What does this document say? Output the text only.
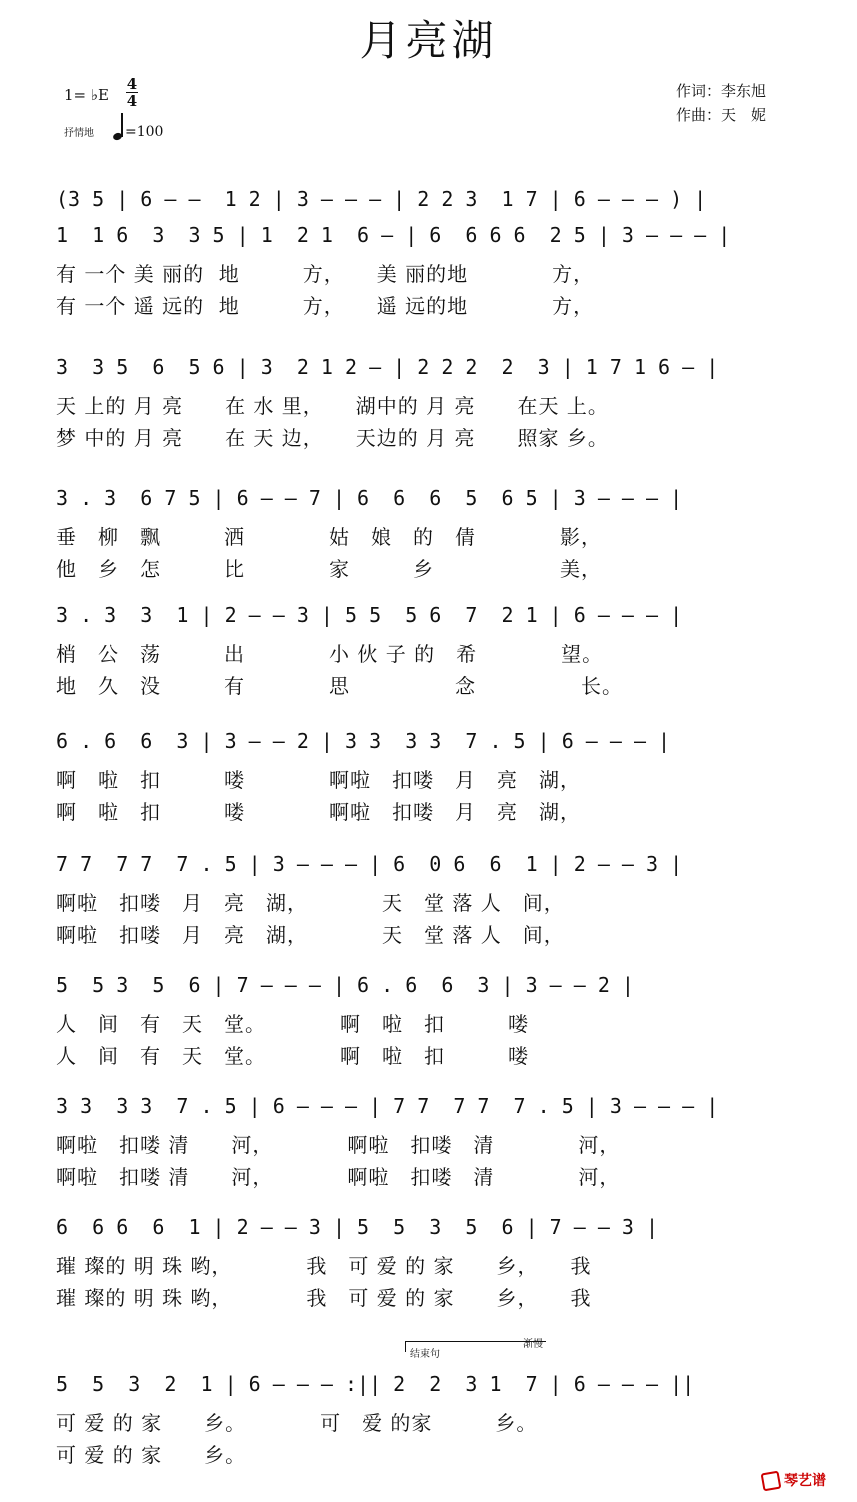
月亮湖
1= ♭E
4
4
抒情地	=100
作词：李东旭
作曲：天　妮

(3 5 | 6 — —  1 2 | 3 — — — | 2 2 3  1 7 | 6 — — — ) |

1  1 6  3  3 5 | 1  2 1  6 — | 6  6 6 6  2 5 | 3 — — — |
有 一个 美 丽的  地　　　方，　　美 丽的地　　　　方，
有 一个 遥 远的  地　　　方，　　遥 远的地　　　　方，
3  3 5  6  5 6 | 3  2 1 2 — | 2 2 2  2  3 | 1 7 1 6 — |
天 上的 月 亮　　在 水 里，　　湖中的 月 亮　　在天 上。
梦 中的 月 亮　　在 天 边，　　天边的 月 亮　　照家 乡。
3 . 3  6 7 5 | 6 — — 7 | 6  6  6  5  6 5 | 3 — — — |
垂　柳　飘　　　洒　　　　姑　娘　的　倩　　　　影，
他　乡　怎　　　比　　　　家　　　乡　　　　　　美，
3 . 3  3  1 | 2 — — 3 | 5 5  5 6  7  2 1 | 6 — — — |
梢　公　荡　　　出　　　　小 伙 子 的　希　　　　望。
地　久　没　　　有　　　　思　　　　　念　　　　　长。
6 . 6  6  3 | 3 — — 2 | 3 3  3 3  7 . 5 | 6 — — — |
啊　啦　扣　　　喽　　　　啊啦　扣喽　月　亮　湖，
啊　啦　扣　　　喽　　　　啊啦　扣喽　月　亮　湖，
7 7  7 7  7 . 5 | 3 — — — | 6  0 6  6  1 | 2 — — 3 |
啊啦　扣喽　月　亮　湖，　　　　天　堂 落 人　间，
啊啦　扣喽　月　亮　湖，　　　　天　堂 落 人　间，
5  5 3  5  6 | 7 — — — | 6 . 6  6  3 | 3 — — 2 |
人　间　有　天　堂。　　　　啊　啦　扣　　　喽
人　间　有　天　堂。　　　　啊　啦　扣　　　喽
3 3  3 3  7 . 5 | 6 — — — | 7 7  7 7  7 . 5 | 3 — — — |
啊啦　扣喽 清　　河，　　　　啊啦　扣喽　清　　　　河，
啊啦　扣喽 清　　河，　　　　啊啦　扣喽　清　　　　河，
6  6 6  6  1 | 2 — — 3 | 5  5  3  5  6 | 7 — — 3 |
璀 璨的 明 珠 哟，　　　　我　可 爱 的 家　　乡，　　我
璀 璨的 明 珠 哟，　　　　我　可 爱 的 家　　乡，　　我
5  5  3  2  1 | 6 — — — :|| 2  2  3 1  7 | 6 — — — ||
可 爱 的 家　　乡。　　　　可　爱 的家　　　乡。
可 爱 的 家　　乡。
结束句
渐慢
琴艺谱
